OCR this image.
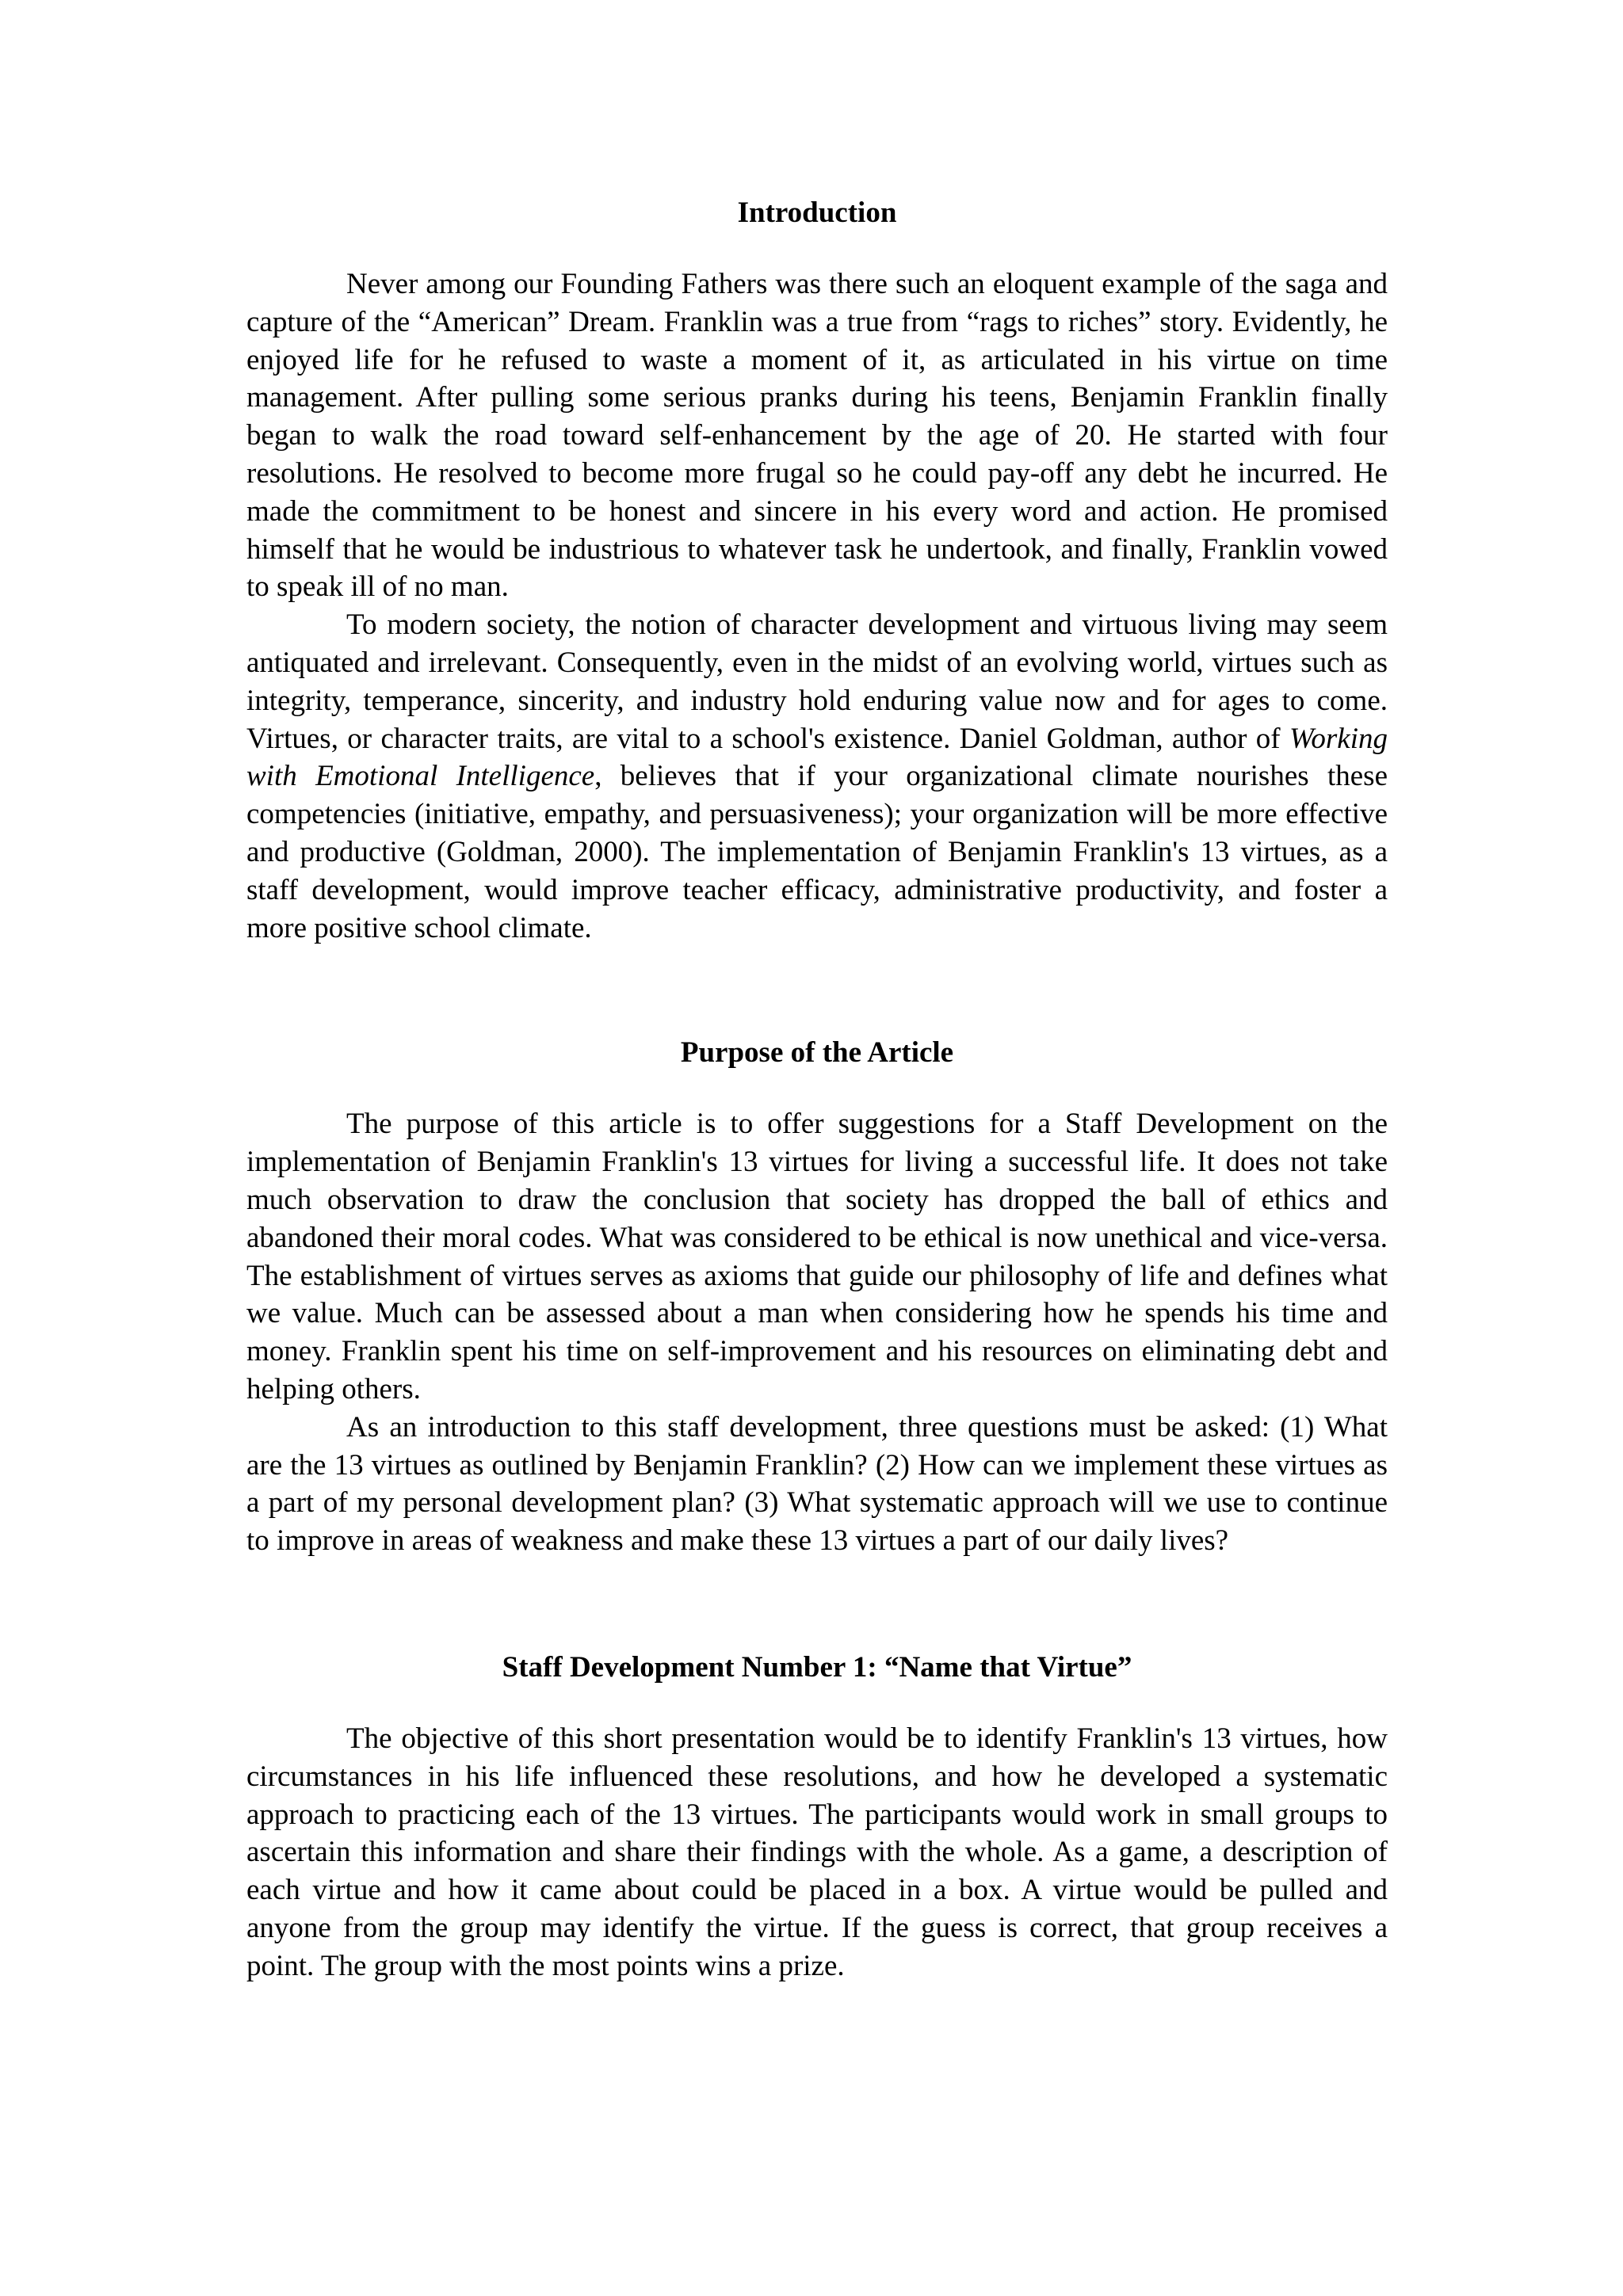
Introduction

Never among our Founding Fathers was there such an eloquent example of the saga and capture of the “American” Dream. Franklin was a true from “rags to riches” story. Evidently, he enjoyed life for he refused to waste a moment of it, as articulated in his virtue on time management. After pulling some serious pranks during his teens, Benjamin Franklin finally began to walk the road toward self-enhancement by the age of 20. He started with four resolutions. He resolved to become more frugal so he could pay-off any debt he incurred. He made the commitment to be honest and sincere in his every word and action. He promised himself that he would be industrious to whatever task he undertook, and finally, Franklin vowed to speak ill of no man.

To modern society, the notion of character development and virtuous living may seem antiquated and irrelevant. Consequently, even in the midst of an evolving world, virtues such as integrity, temperance, sincerity, and industry hold enduring value now and for ages to come. Virtues, or character traits, are vital to a school's existence. Daniel Goldman, author of Working with Emotional Intelligence, believes that if your organizational climate nourishes these competencies (initiative, empathy, and persuasiveness); your organization will be more effective and productive (Goldman, 2000). The implementation of Benjamin Franklin's 13 virtues, as a staff development, would improve teacher efficacy, administrative productivity, and foster a more positive school climate.

Purpose of the Article

The purpose of this article is to offer suggestions for a Staff Development on the implementation of Benjamin Franklin's 13 virtues for living a successful life. It does not take much observation to draw the conclusion that society has dropped the ball of ethics and abandoned their moral codes. What was considered to be ethical is now unethical and vice-versa. The establishment of virtues serves as axioms that guide our philosophy of life and defines what we value. Much can be assessed about a man when considering how he spends his time and money. Franklin spent his time on self-improvement and his resources on eliminating debt and helping others.

As an introduction to this staff development, three questions must be asked: (1) What are the 13 virtues as outlined by Benjamin Franklin? (2) How can we implement these virtues as a part of my personal development plan? (3) What systematic approach will we use to continue to improve in areas of weakness and make these 13 virtues a part of our daily lives?

Staff Development Number 1: “Name that Virtue”

The objective of this short presentation would be to identify Franklin's 13 virtues, how circumstances in his life influenced these resolutions, and how he developed a systematic approach to practicing each of the 13 virtues. The participants would work in small groups to ascertain this information and share their findings with the whole. As a game, a description of each virtue and how it came about could be placed in a box. A virtue would be pulled and anyone from the group may identify the virtue. If the guess is correct, that group receives a point. The group with the most points wins a prize.
